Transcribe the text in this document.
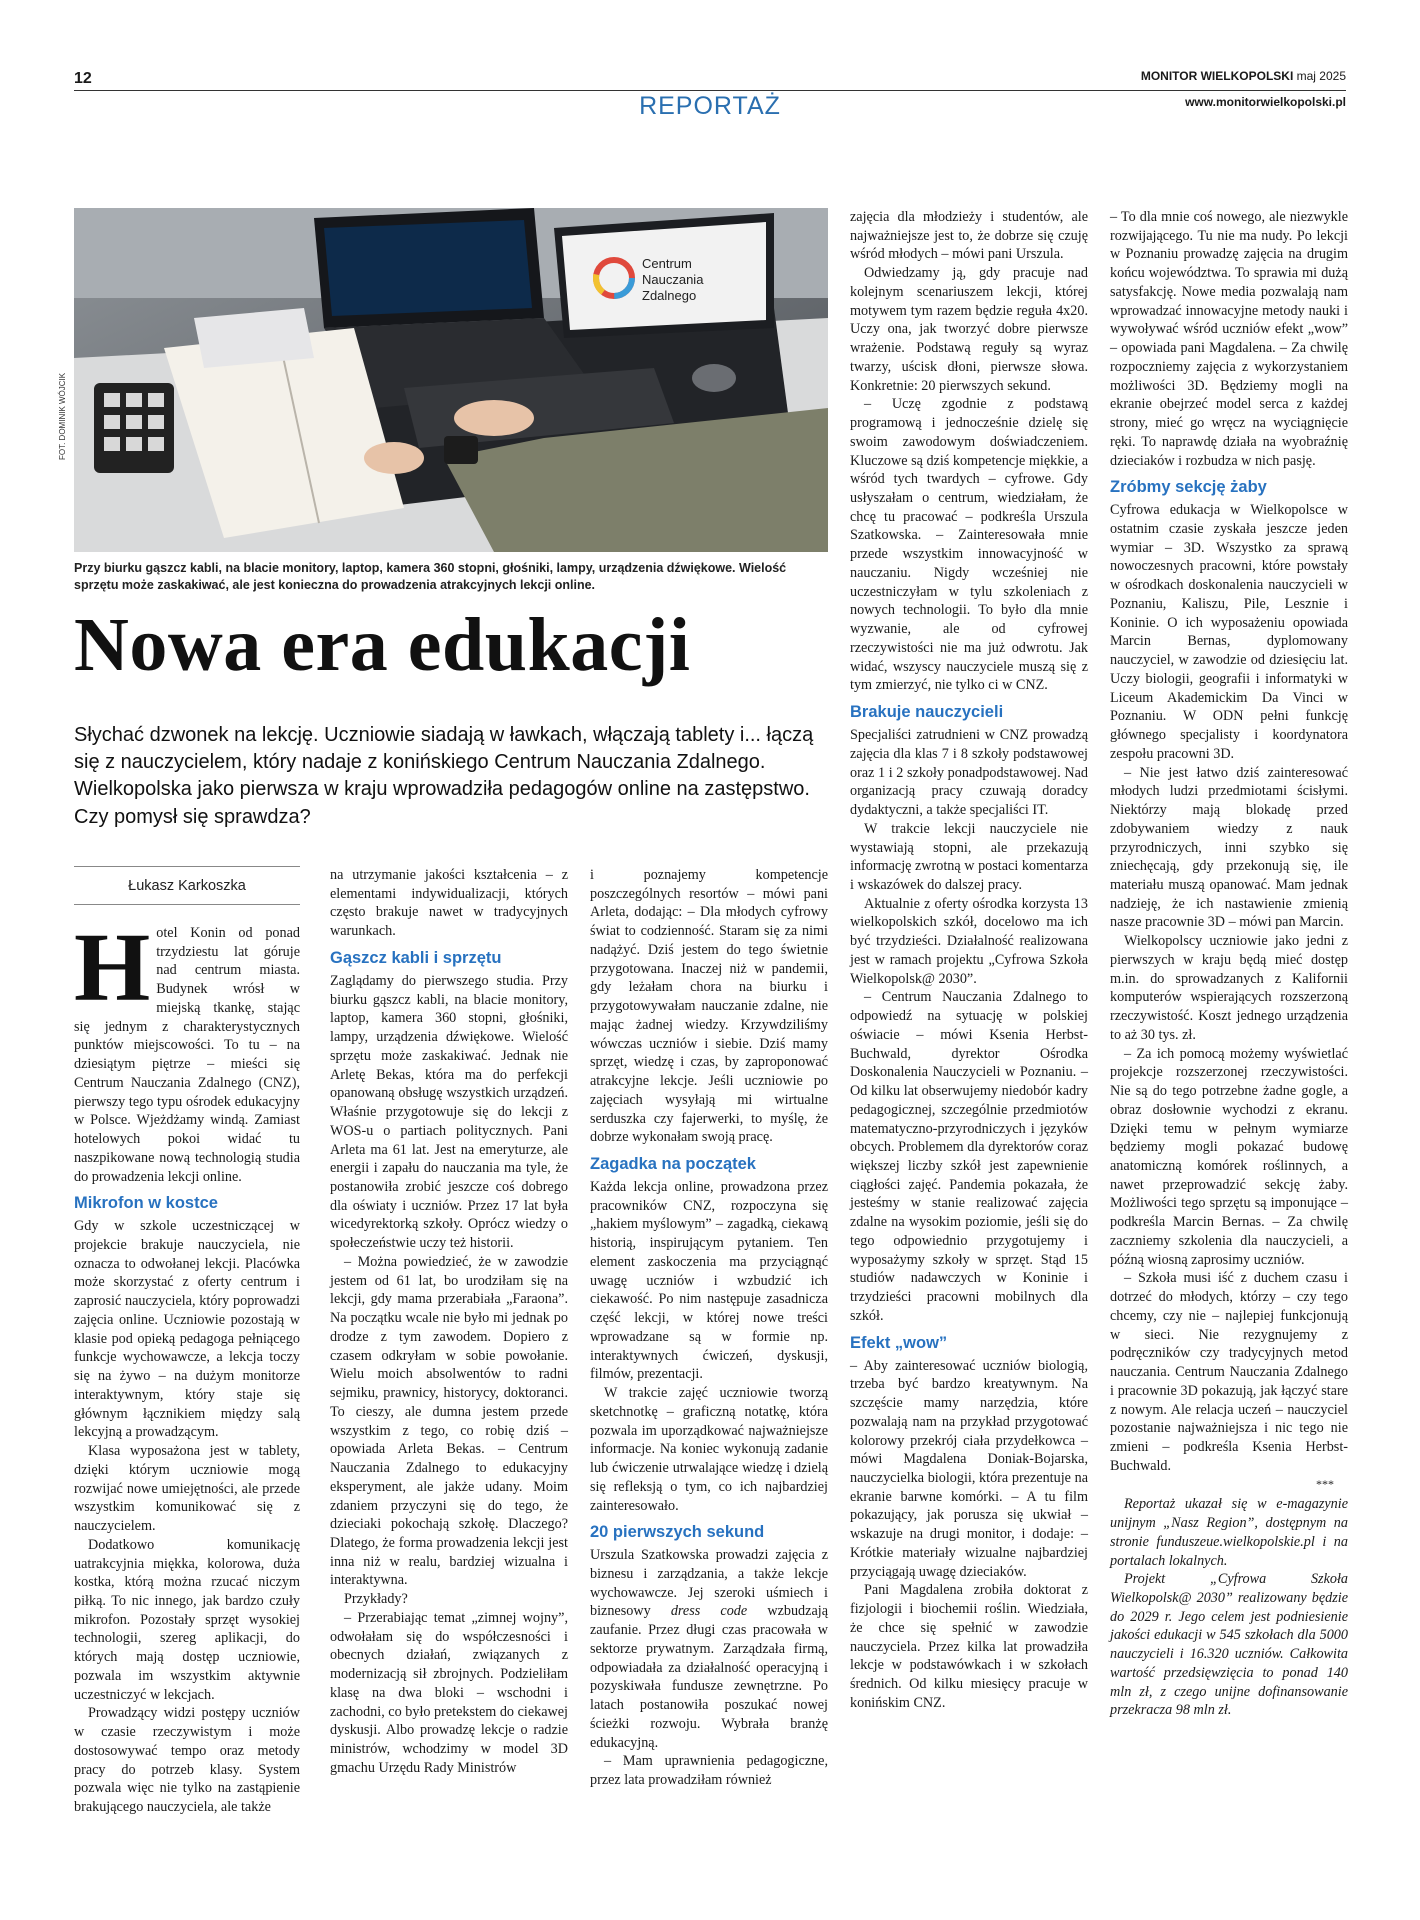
12	MONITOR WIELKOPOLSKI maj 2025
www.monitorwielkopolski.pl
REPORTAŻ
FOT. DOMINIK WÓJCIK
Centrum
Nauczania
Zdalnego
Przy biurku gąszcz kabli, na blacie monitory, laptop, kamera 360 stopni, głośniki, lampy, urządzenia dźwiękowe. Wielość sprzętu może zaskakiwać, ale jest konieczna do prowadzenia atrakcyjnych lekcji online.
Nowa era edukacji
Słychać dzwonek na lekcję. Uczniowie siadają w ławkach, włączają tablety i... łączą się z nauczycielem, który nadaje z konińskiego Centrum Nauczania Zdalnego. Wielkopolska jako pierwsza w kraju wprowadziła pedagogów online na zastępstwo. Czy pomysł się sprawdza?
Łukasz Karkoszka

Hotel Konin od ponad trzydziestu lat góruje nad centrum miasta. Budynek wrósł w miejską tkankę, stając się jednym z charakterystycznych punktów miejscowości. To tu – na dziesiątym piętrze – mieści się Centrum Nauczania Zdalnego (CNZ), pierwszy tego typu ośrodek edukacyjny w Polsce. Wjeżdżamy windą. Zamiast hotelowych pokoi widać tu naszpikowane nową technologią studia do prowadzenia lekcji online.

Mikrofon w kostce

Gdy w szkole uczestniczącej w projekcie brakuje nauczyciela, nie oznacza to odwołanej lekcji. Placówka może skorzystać z oferty centrum i zaprosić nauczyciela, który poprowadzi zajęcia online. Uczniowie pozostają w klasie pod opieką pedagoga pełniącego funkcje wychowawcze, a lekcja toczy się na żywo – na dużym monitorze interaktywnym, który staje się głównym łącznikiem między salą lekcyjną a prowadzącym.

Klasa wyposażona jest w tablety, dzięki którym uczniowie mogą rozwijać nowe umiejętności, ale przede wszystkim komunikować się z nauczycielem.

Dodatkowo komunikację uatrakcyjnia miękka, kolorowa, duża kostka, którą można rzucać niczym piłką. To nic innego, jak bardzo czuły mikrofon. Pozostały sprzęt wysokiej technologii, szereg aplikacji, do których mają dostęp uczniowie, pozwala im wszystkim aktywnie uczestniczyć w lekcjach.

Prowadzący widzi postępy uczniów w czasie rzeczywistym i może dostosowywać tempo oraz metody pracy do potrzeb klasy. System pozwala więc nie tylko na zastąpienie brakującego nauczyciela, ale także

na utrzymanie jakości kształcenia – z elementami indywidualizacji, których często brakuje nawet w tradycyjnych warunkach.

Gąszcz kabli i sprzętu

Zaglądamy do pierwszego studia. Przy biurku gąszcz kabli, na blacie monitory, laptop, kamera 360 stopni, głośniki, lampy, urządzenia dźwiękowe. Wielość sprzętu może zaskakiwać. Jednak nie Arletę Bekas, która ma do perfekcji opanowaną obsługę wszystkich urządzeń. Właśnie przygotowuje się do lekcji z WOS-u o partiach politycznych. Pani Arleta ma 61 lat. Jest na emeryturze, ale energii i zapału do nauczania ma tyle, że postanowiła zrobić jeszcze coś dobrego dla oświaty i uczniów. Przez 17 lat była wicedyrektorką szkoły. Oprócz wiedzy o społeczeństwie uczy też historii.

– Można powiedzieć, że w zawodzie jestem od 61 lat, bo urodziłam się na lekcji, gdy mama przerabiała „Faraona”. Na początku wcale nie było mi jednak po drodze z tym zawodem. Dopiero z czasem odkryłam w sobie powołanie. Wielu moich absolwentów to radni sejmiku, prawnicy, historycy, doktoranci. To cieszy, ale dumna jestem przede wszystkim z tego, co robię dziś – opowiada Arleta Bekas. – Centrum Nauczania Zdalnego to edukacyjny eksperyment, ale jakże udany. Moim zdaniem przyczyni się do tego, że dzieciaki pokochają szkołę. Dlaczego? Dlatego, że forma prowadzenia lekcji jest inna niż w realu, bardziej wizualna i interaktywna.

Przykłady?

– Przerabiając temat „zimnej wojny”, odwołałam się do współczesności i obecnych działań, związanych z modernizacją sił zbrojnych. Podzieliłam klasę na dwa bloki – wschodni i zachodni, co było pretekstem do ciekawej dyskusji. Albo prowadzę lekcje o radzie ministrów, wchodzimy w model 3D gmachu Urzędu Rady Ministrów

i poznajemy kompetencje poszczególnych resortów – mówi pani Arleta, dodając: – Dla młodych cyfrowy świat to codzienność. Staram się za nimi nadążyć. Dziś jestem do tego świetnie przygotowana. Inaczej niż w pandemii, gdy leżałam chora na biurku i przygotowywałam nauczanie zdalne, nie mając żadnej wiedzy. Krzywdziliśmy wówczas uczniów i siebie. Dziś mamy sprzęt, wiedzę i czas, by zaproponować atrakcyjne lekcje. Jeśli uczniowie po zajęciach wysyłają mi wirtualne serduszka czy fajerwerki, to myślę, że dobrze wykonałam swoją pracę.

Zagadka na początek

Każda lekcja online, prowadzona przez pracowników CNZ, rozpoczyna się „hakiem myślowym” – zagadką, ciekawą historią, inspirującym pytaniem. Ten element zaskoczenia ma przyciągnąć uwagę uczniów i wzbudzić ich ciekawość. Po nim następuje zasadnicza część lekcji, w której nowe treści wprowadzane są w formie np. interaktywnych ćwiczeń, dyskusji, filmów, prezentacji.

W trakcie zajęć uczniowie tworzą sketchnotkę – graficzną notatkę, która pozwala im uporządkować najważniejsze informacje. Na koniec wykonują zadanie lub ćwiczenie utrwalające wiedzę i dzielą się refleksją o tym, co ich najbardziej zainteresowało.

20 pierwszych sekund

Urszula Szatkowska prowadzi zajęcia z biznesu i zarządzania, a także lekcje wychowawcze. Jej szeroki uśmiech i biznesowy dress code wzbudzają zaufanie. Przez długi czas pracowała w sektorze prywatnym. Zarządzała firmą, odpowiadała za działalność operacyjną i pozyskiwała fundusze zewnętrzne. Po latach postanowiła poszukać nowej ścieżki rozwoju. Wybrała branżę edukacyjną.

– Mam uprawnienia pedagogiczne, przez lata prowadziłam również

zajęcia dla młodzieży i studentów, ale najważniejsze jest to, że dobrze się czuję wśród młodych – mówi pani Urszula.

Odwiedzamy ją, gdy pracuje nad kolejnym scenariuszem lekcji, której motywem tym razem będzie reguła 4x20. Uczy ona, jak tworzyć dobre pierwsze wrażenie. Podstawą reguły są wyraz twarzy, uścisk dłoni, pierwsze słowa. Konkretnie: 20 pierwszych sekund.

– Uczę zgodnie z podstawą programową i jednocześnie dzielę się swoim zawodowym doświadczeniem. Kluczowe są dziś kompetencje miękkie, a wśród tych twardych – cyfrowe. Gdy usłyszałam o centrum, wiedziałam, że chcę tu pracować – podkreśla Urszula Szatkowska. – Zainteresowała mnie przede wszystkim innowacyjność w nauczaniu. Nigdy wcześniej nie uczestniczyłam w tylu szkoleniach z nowych technologii. To było dla mnie wyzwanie, ale od cyfrowej rzeczywistości nie ma już odwrotu. Jak widać, wszyscy nauczyciele muszą się z tym zmierzyć, nie tylko ci w CNZ.

Brakuje nauczycieli

Specjaliści zatrudnieni w CNZ prowadzą zajęcia dla klas 7 i 8 szkoły podstawowej oraz 1 i 2 szkoły ponadpodstawowej. Nad organizacją pracy czuwają doradcy dydaktyczni, a także specjaliści IT.

W trakcie lekcji nauczyciele nie wystawiają stopni, ale przekazują informację zwrotną w postaci komentarza i wskazówek do dalszej pracy.

Aktualnie z oferty ośrodka korzysta 13 wielkopolskich szkół, docelowo ma ich być trzydzieści. Działalność realizowana jest w ramach projektu „Cyfrowa Szkoła Wielkopolsk@ 2030”.

– Centrum Nauczania Zdalnego to odpowiedź na sytuację w polskiej oświacie – mówi Ksenia Herbst-Buchwald, dyrektor Ośrodka Doskonalenia Nauczycieli w Poznaniu. – Od kilku lat obserwujemy niedobór kadry pedagogicznej, szczególnie przedmiotów matematyczno-przyrodniczych i języków obcych. Problemem dla dyrektorów coraz większej liczby szkół jest zapewnienie ciągłości zajęć. Pandemia pokazała, że jesteśmy w stanie realizować zajęcia zdalne na wysokim poziomie, jeśli się do tego odpowiednio przygotujemy i wyposażymy szkoły w sprzęt. Stąd 15 studiów nadawczych w Koninie i trzydzieści pracowni mobilnych dla szkół.

Efekt „wow”

– Aby zainteresować uczniów biologią, trzeba być bardzo kreatywnym. Na szczęście mamy narzędzia, które pozwalają nam na przykład przygotować kolorowy przekrój ciała przydełkowca – mówi Magdalena Doniak-Bojarska, nauczycielka biologii, która prezentuje na ekranie barwne komórki. – A tu film pokazujący, jak porusza się ukwiał – wskazuje na drugi monitor, i dodaje: – Krótkie materiały wizualne najbardziej przyciągają uwagę dzieciaków.

Pani Magdalena zrobiła doktorat z fizjologii i biochemii roślin. Wiedziała, że chce się spełnić w zawodzie nauczyciela. Przez kilka lat prowadziła lekcje w podstawówkach i w szkołach średnich. Od kilku miesięcy pracuje w konińskim CNZ.

– To dla mnie coś nowego, ale niezwykle rozwijającego. Tu nie ma nudy. Po lekcji w Poznaniu prowadzę zajęcia na drugim końcu województwa. To sprawia mi dużą satysfakcję. Nowe media pozwalają nam wprowadzać innowacyjne metody nauki i wywoływać wśród uczniów efekt „wow” – opowiada pani Magdalena. – Za chwilę rozpoczniemy zajęcia z wykorzystaniem możliwości 3D. Będziemy mogli na ekranie obejrzeć model serca z każdej strony, mieć go wręcz na wyciągnięcie ręki. To naprawdę działa na wyobraźnię dzieciaków i rozbudza w nich pasję.

Zróbmy sekcję żaby

Cyfrowa edukacja w Wielkopolsce w ostatnim czasie zyskała jeszcze jeden wymiar – 3D. Wszystko za sprawą nowoczesnych pracowni, które powstały w ośrodkach doskonalenia nauczycieli w Poznaniu, Kaliszu, Pile, Lesznie i Koninie. O ich wyposażeniu opowiada Marcin Bernas, dyplomowany nauczyciel, w zawodzie od dziesięciu lat. Uczy biologii, geografii i informatyki w Liceum Akademickim Da Vinci w Poznaniu. W ODN pełni funkcję głównego specjalisty i koordynatora zespołu pracowni 3D.

– Nie jest łatwo dziś zainteresować młodych ludzi przedmiotami ścisłymi. Niektórzy mają blokadę przed zdobywaniem wiedzy z nauk przyrodniczych, inni szybko się zniechęcają, gdy przekonują się, ile materiału muszą opanować. Mam jednak nadzieję, że ich nastawienie zmienią nasze pracownie 3D – mówi pan Marcin.

Wielkopolscy uczniowie jako jedni z pierwszych w kraju będą mieć dostęp m.in. do sprowadzanych z Kalifornii komputerów wspierających rozszerzoną rzeczywistość. Koszt jednego urządzenia to aż 30 tys. zł.

– Za ich pomocą możemy wyświetlać projekcje rozszerzonej rzeczywistości. Nie są do tego potrzebne żadne gogle, a obraz dosłownie wychodzi z ekranu. Dzięki temu w pełnym wymiarze będziemy mogli pokazać budowę anatomiczną komórek roślinnych, a nawet przeprowadzić sekcję żaby. Możliwości tego sprzętu są imponujące – podkreśla Marcin Bernas. – Za chwilę zaczniemy szkolenia dla nauczycieli, a późną wiosną zaprosimy uczniów.

– Szkoła musi iść z duchem czasu i dotrzeć do młodych, którzy – czy tego chcemy, czy nie – najlepiej funkcjonują w sieci. Nie rezygnujemy z podręczników czy tradycyjnych metod nauczania. Centrum Nauczania Zdalnego i pracownie 3D pokazują, jak łączyć stare z nowym. Ale relacja uczeń – nauczyciel pozostanie najważniejsza i nic tego nie zmieni – podkreśla Ksenia Herbst-Buchwald.

***

Reportaż ukazał się w e-magazynie unijnym „Nasz Region”, dostępnym na stronie funduszeue.wielkopolskie.pl i na portalach lokalnych.

Projekt „Cyfrowa Szkoła Wielkopolsk@ 2030” realizowany będzie do 2029 r. Jego celem jest podniesienie jakości edukacji w 545 szkołach dla 5000 nauczycieli i 16.320 uczniów. Całkowita wartość przedsięwzięcia to ponad 140 mln zł, z czego unijne dofinansowanie przekracza 98 mln zł.
